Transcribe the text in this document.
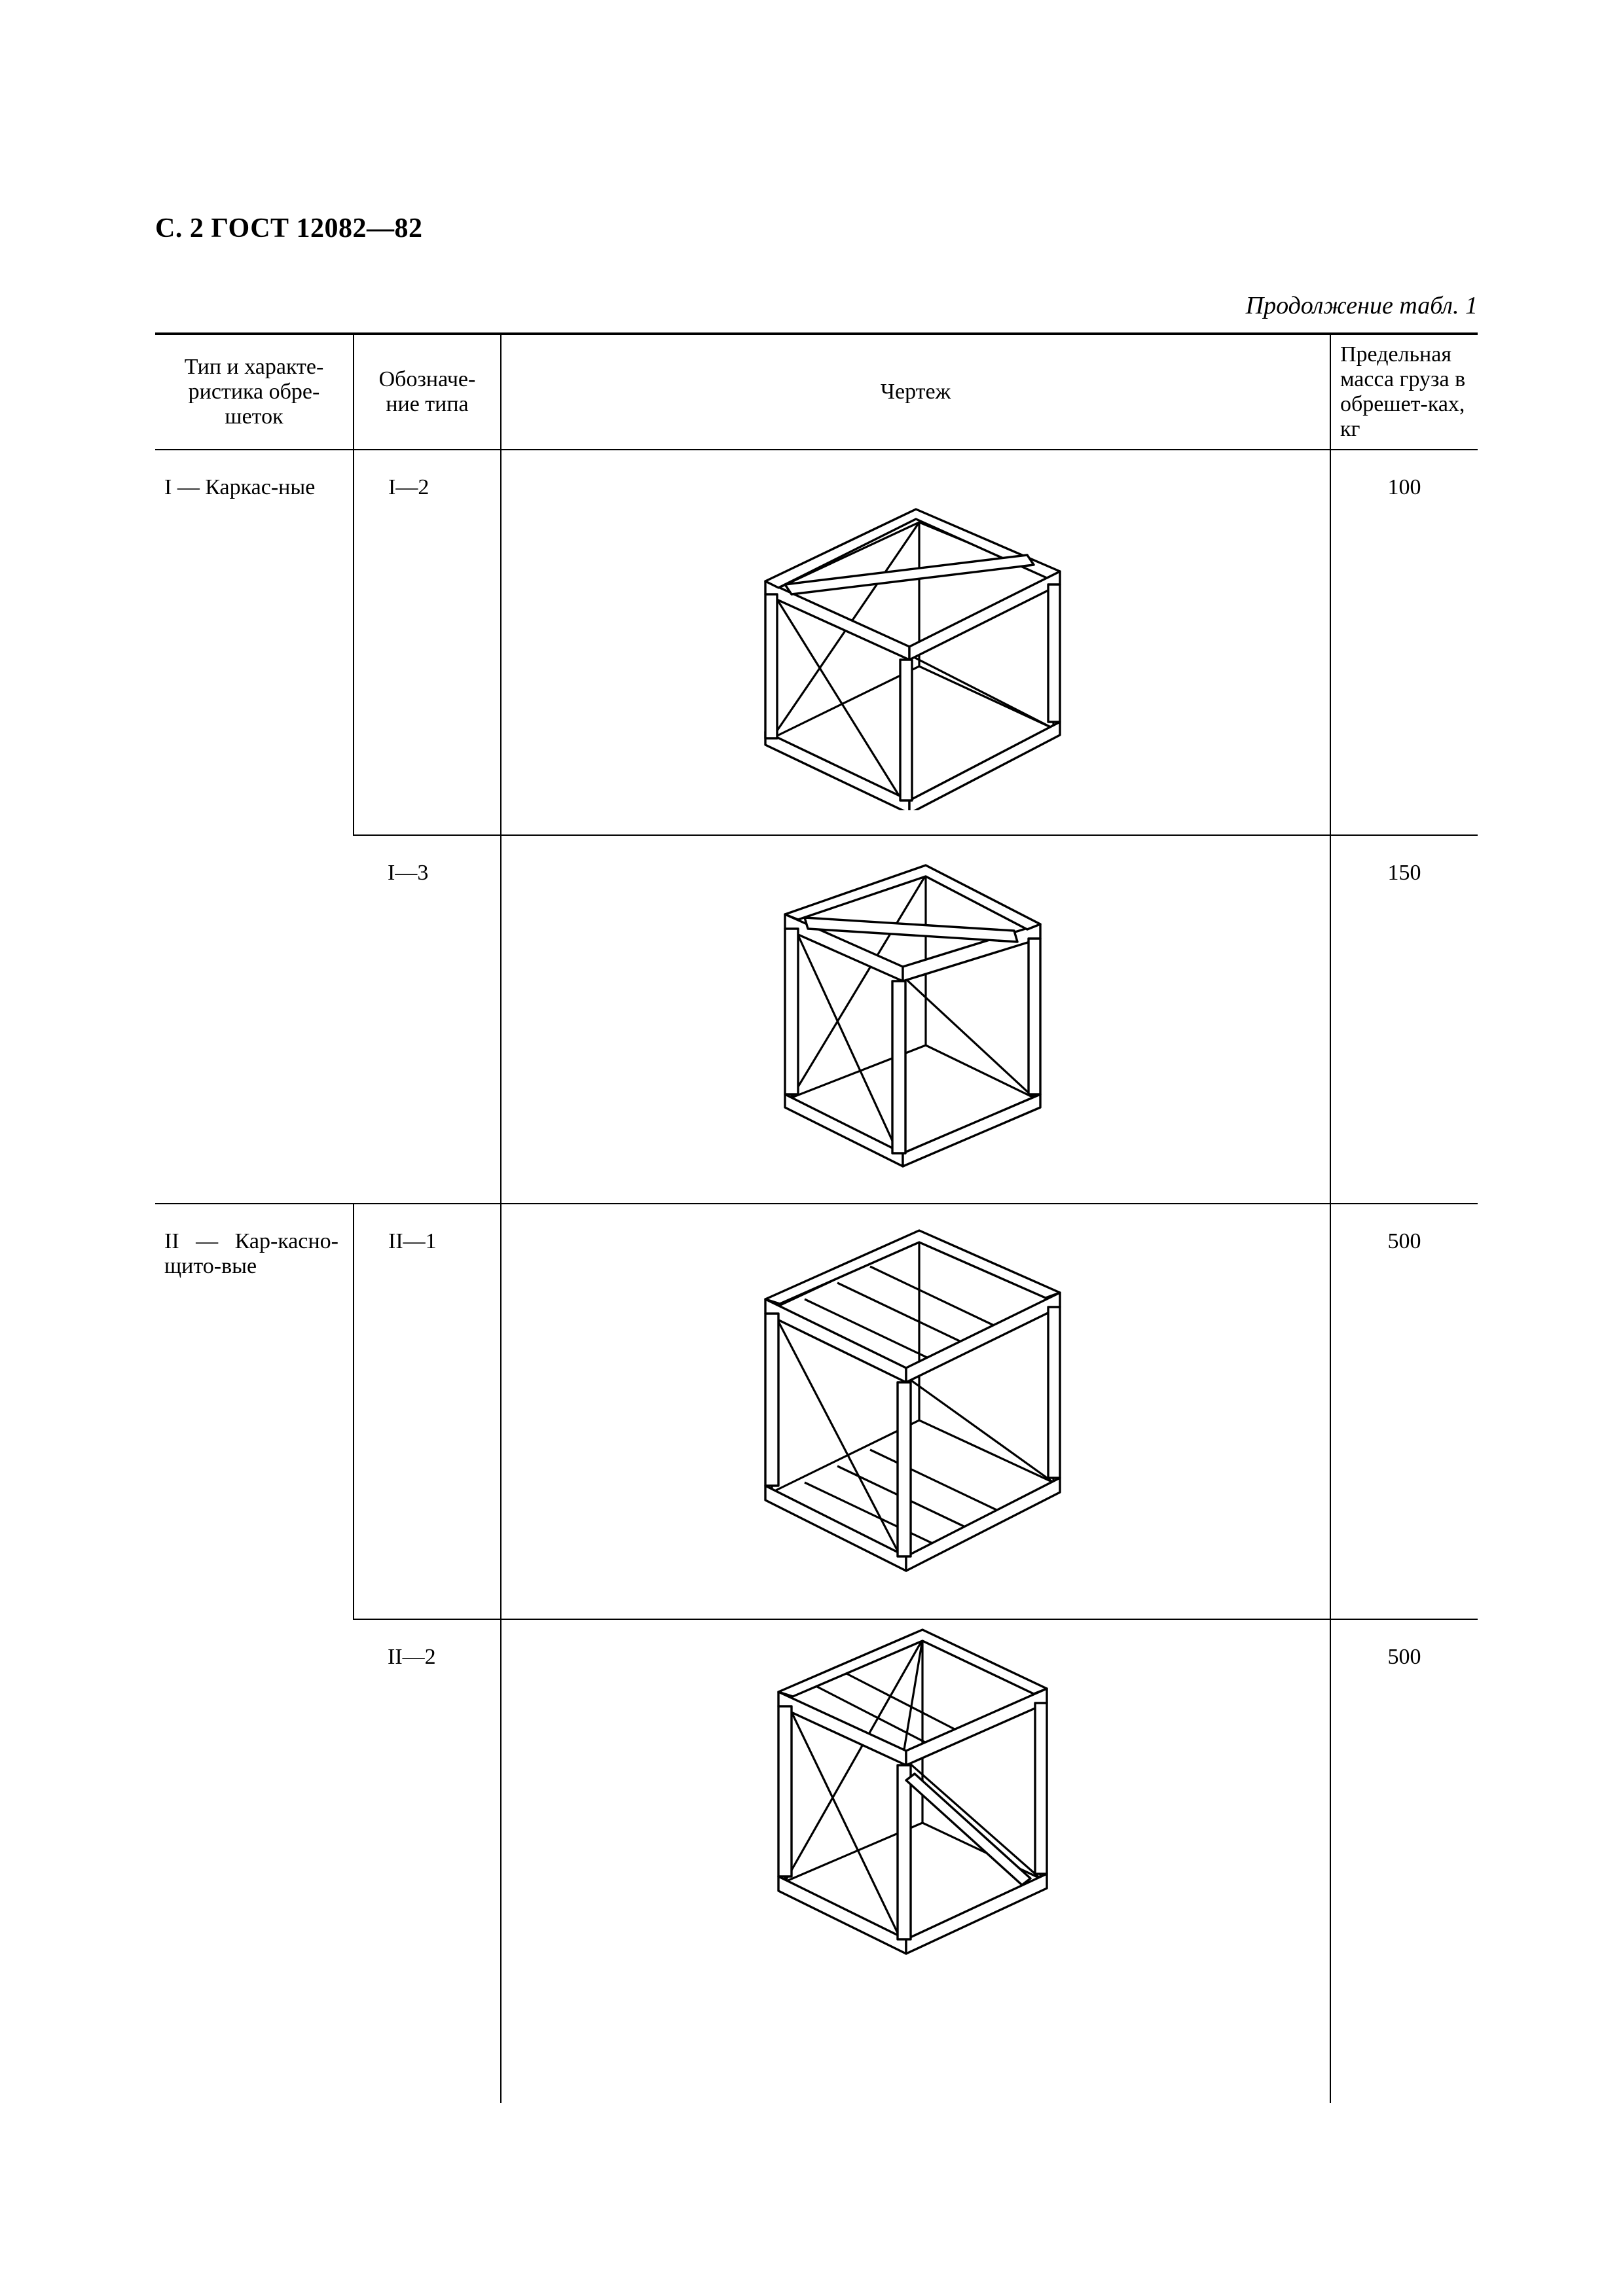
С. 2 ГОСТ 12082—82
Продолжение табл. 1
Тип и характе-ристика обре-шеток	Обозначе-ние типа	Чертеж	Предельная масса груза в обрешет-ках, кг

I — Каркас-ные	I—2		100
	I—3		150

II — Кар-касно-щито-вые	II—1		500
	II—2		500
